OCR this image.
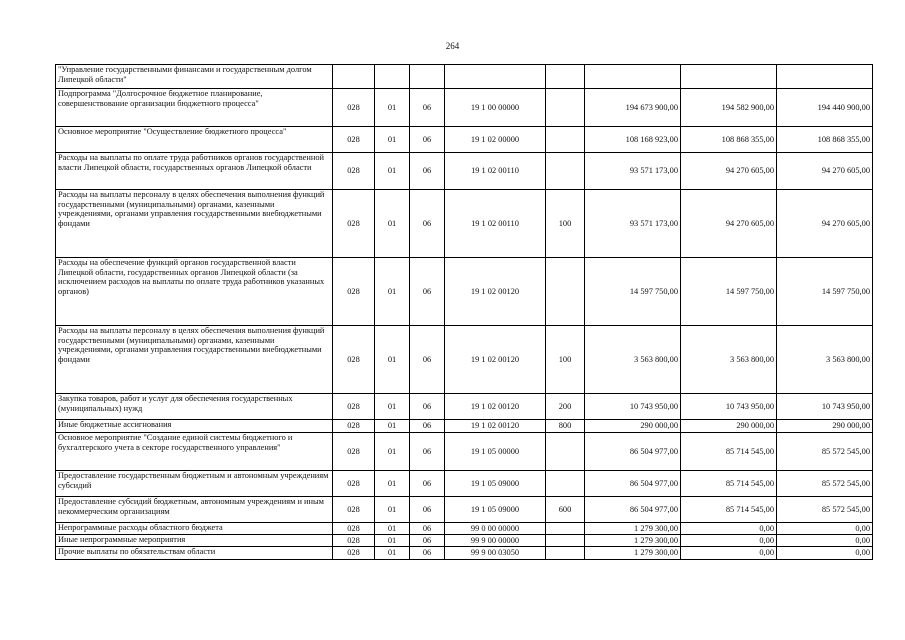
264
"Управление государственными финансами и государственным долгом Липецкой области"								
Подпрограмма "Долгосрочное бюджетное планирование, совершенствование организации бюджетного процесса"	028	01	06	19 1 00 00000		194 673 900,00	194 582 900,00	194 440 900,00
Основное мероприятие "Осуществление бюджетного процесса"	028	01	06	19 1 02 00000		108 168 923,00	108 868 355,00	108 868 355,00
Расходы на выплаты по оплате труда работников органов государственной власти Липецкой области, государственных органов Липецкой области	028	01	06	19 1 02 00110		93 571 173,00	94 270 605,00	94 270 605,00
Расходы на выплаты персоналу в целях обеспечения выполнения функций государственными (муниципальными) органами, казенными учреждениями, органами управления государственными внебюджетными фондами	028	01	06	19 1 02 00110	100	93 571 173,00	94 270 605,00	94 270 605,00
Расходы на обеспечение функций органов государственной власти Липецкой области, государственных органов Липецкой области (за исключением расходов на выплаты по оплате труда работников указанных органов)	028	01	06	19 1 02 00120		14 597 750,00	14 597 750,00	14 597 750,00
Расходы на выплаты персоналу в целях обеспечения выполнения функций государственными (муниципальными) органами, казенными учреждениями, органами управления государственными внебюджетными фондами	028	01	06	19 1 02 00120	100	3 563 800,00	3 563 800,00	3 563 800,00
Закупка товаров, работ и услуг для обеспечения государственных (муниципальных) нужд	028	01	06	19 1 02 00120	200	10 743 950,00	10 743 950,00	10 743 950,00
Иные бюджетные ассигнования	028	01	06	19 1 02 00120	800	290 000,00	290 000,00	290 000,00
Основное мероприятие "Создание единой системы бюджетного и бухгалтерского учета в секторе государственного управления"	028	01	06	19 1 05 00000		86 504 977,00	85 714 545,00	85 572 545,00
Предоставление государственным бюджетным и автономным учреждениям субсидий	028	01	06	19 1 05 09000		86 504 977,00	85 714 545,00	85 572 545,00
Предоставление субсидий бюджетным, автономным учреждениям и иным некоммерческим организациям	028	01	06	19 1 05 09000	600	86 504 977,00	85 714 545,00	85 572 545,00
Непрограммные расходы областного бюджета	028	01	06	99 0 00 00000		1 279 300,00	0,00	0,00
Иные непрограммные мероприятия	028	01	06	99 9 00 00000		1 279 300,00	0,00	0,00
Прочие выплаты по обязательствам области	028	01	06	99 9 00 03050		1 279 300,00	0,00	0,00
